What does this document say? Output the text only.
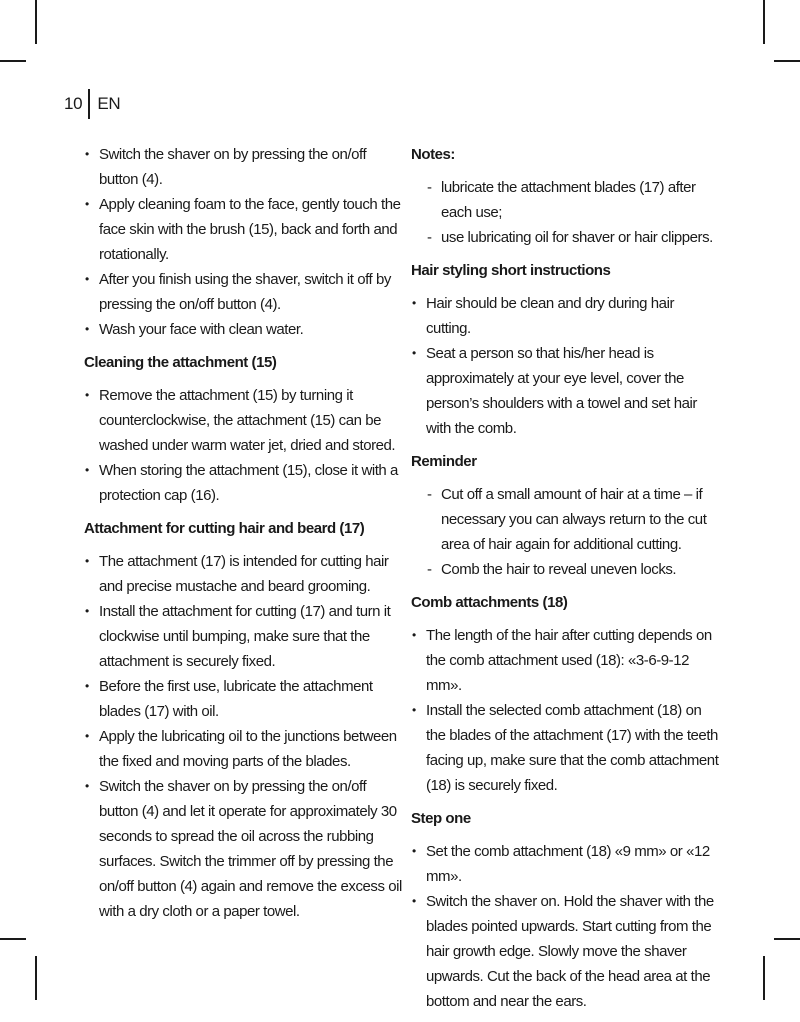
10 EN
• Switch the shaver on by pressing the on/off button (4).
• Apply cleaning foam to the face, gently touch the face skin with the brush (15), back and forth and rotationally.
• After you finish using the shaver, switch it off by pressing the on/off button (4).
• Wash your face with clean water.
Cleaning the attachment (15)
• Remove the attachment (15) by turning it counterclockwise, the attachment (15) can be washed under warm water jet, dried and stored.
• When storing the attachment (15), close it with a protection cap (16).
Attachment for cutting hair and beard (17)
• The attachment (17) is intended for cutting hair and precise mustache and beard grooming.
• Install the attachment for cutting (17) and turn it clockwise until bumping, make sure that the attachment is securely fixed.
• Before the first use, lubricate the attachment blades (17) with oil.
• Apply the lubricating oil to the junctions between the fixed and moving parts of the blades.
• Switch the shaver on by pressing the on/off button (4) and let it operate for approximately 30 seconds to spread the oil across the rubbing surfaces. Switch the trimmer off by pressing the on/off button (4) again and remove the excess oil with a dry cloth or a paper towel.
Notes:
- lubricate the attachment blades (17) after each use;
- use lubricating oil for shaver or hair clippers.
Hair styling short instructions
• Hair should be clean and dry during hair cutting.
• Seat a person so that his/her head is approximately at your eye level, cover the person’s shoulders with a towel and set hair with the comb.
Reminder
- Cut off a small amount of hair at a time – if necessary you can always return to the cut area of hair again for additional cutting.
- Comb the hair to reveal uneven locks.
Comb attachments (18)
• The length of the hair after cutting depends on the comb attachment used (18): «3-6-9-12 mm».
• Install the selected comb attachment (18) on the blades of the attachment (17) with the teeth facing up, make sure that the comb attachment (18) is securely fixed.
Step one
• Set the comb attachment (18) «9 mm» or «12 mm».
• Switch the shaver on. Hold the shaver with the blades pointed upwards. Start cutting from the hair growth edge. Slowly move the shaver upwards. Cut the back of the head area at the bottom and near the ears.
